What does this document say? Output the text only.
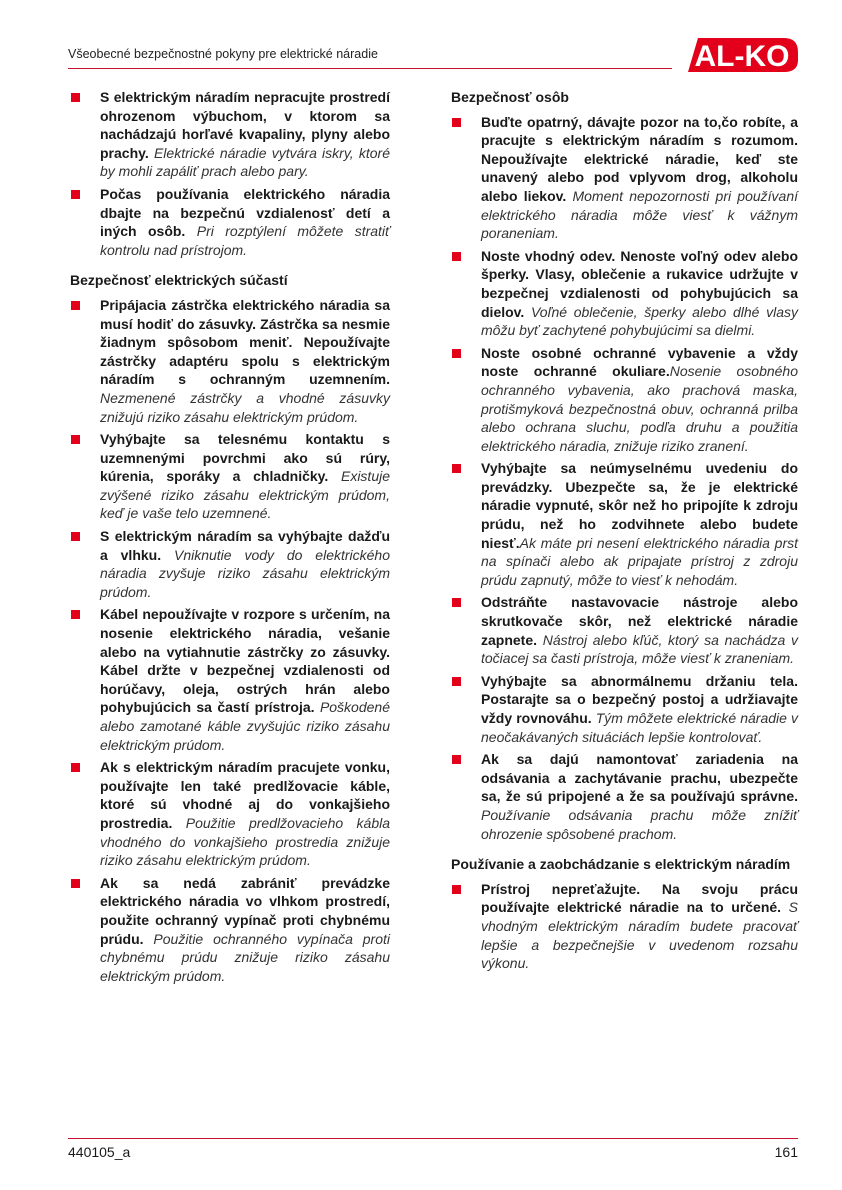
Všeobecné bezpečnostné pokyny pre elektrické náradie	AL-KO
S elektrickým náradím nepracujte prostredí ohrozenom výbuchom, v ktorom sa nachádzajú horľavé kvapaliny, plyny alebo prachy. Elektrické náradie vytvára iskry, ktoré by mohli zapáliť prach alebo pary.
Počas používania elektrického náradia dbajte na bezpečnú vzdialenosť detí a iných osôb. Pri rozptýlení môžete stratiť kontrolu nad prístrojom.
Bezpečnosť elektrických súčastí
Pripájacia zástrčka elektrického náradia sa musí hodiť do zásuvky. Zástrčka sa nesmie žiadnym spôsobom meniť. Nepoužívajte zástrčky adaptéru spolu s elektrickým náradím s ochranným uzemnením. Nezmenené zástrčky a vhodné zásuvky znižujú riziko zásahu elektrickým prúdom.
Vyhýbajte sa telesnému kontaktu s uzemnenými povrchmi ako sú rúry, kúrenia, sporáky a chladničky. Existuje zvýšené riziko zásahu elektrickým prúdom, keď je vaše telo uzemnené.
S elektrickým náradím sa vyhýbajte dažďu a vlhku. Vniknutie vody do elektrického náradia zvyšuje riziko zásahu elektrickým prúdom.
Kábel nepoužívajte v rozpore s určením, na nosenie elektrického náradia, vešanie alebo na vytiahnutie zástrčky zo zásuvky. Kábel držte v bezpečnej vzdialenosti od horúčavy, oleja, ostrých hrán alebo pohybujúcich sa častí prístroja. Poškodené alebo zamotané káble zvyšujúc riziko zásahu elektrickým prúdom.
Ak s elektrickým náradím pracujete vonku, používajte len také predlžovacie káble, ktoré sú vhodné aj do vonkajšieho prostredia. Použitie predlžovacieho kábla vhodného do vonkajšieho prostredia znižuje riziko zásahu elektrickým prúdom.
Ak sa nedá zabrániť prevádzke elektrického náradia vo vlhkom prostredí, použite ochranný vypínač proti chybnému prúdu. Použitie ochranného vypínača proti chybnému prúdu znižuje riziko zásahu elektrickým prúdom.
Bezpečnosť osôb
Buďte opatrný, dávajte pozor na to,čo robíte, a pracujte s elektrickým náradím s rozumom. Nepoužívajte elektrické náradie, keď ste unavený alebo pod vplyvom drog, alkoholu alebo liekov. Moment nepozornosti pri používaní elektrického náradia môže viesť k vážnym poraneniam.
Noste vhodný odev. Nenoste voľný odev alebo šperky. Vlasy, oblečenie a rukavice udržujte v bezpečnej vzdialenosti od pohybujúcich sa dielov. Voľné oblečenie, šperky alebo dlhé vlasy môžu byť zachytené pohybujúcimi sa dielmi.
Noste osobné ochranné vybavenie a vždy noste ochranné okuliare.Nosenie osobného ochranného vybavenia, ako prachová maska, protišmyková bezpečnostná obuv, ochranná prilba alebo ochrana sluchu, podľa druhu a použitia elektrického náradia, znižuje riziko zranení.
Vyhýbajte sa neúmyselnému uvedeniu do prevádzky. Ubezpečte sa, že je elektrické náradie vypnuté, skôr než ho pripojíte k zdroju prúdu, než ho zodvihnete alebo budete niesť.Ak máte pri nesení elektrického náradia prst na spínači alebo ak pripajate prístroj z zdroju prúdu zapnutý, môže to viesť k nehodám.
Odstráňte nastavovacie nástroje alebo skrutkovače skôr, než elektrické náradie zapnete. Nástroj alebo kľúč, ktorý sa nachádza v točiacej sa časti prístroja, môže viesť k zraneniam.
Vyhýbajte sa abnormálnemu držaniu tela. Postarajte sa o bezpečný postoj a udržiavajte vždy rovnováhu. Tým môžete elektrické náradie v neočakávaných situáciách lepšie kontrolovať.
Ak sa dajú namontovať zariadenia na odsávania a zachytávanie prachu, ubezpečte sa, že sú pripojené a že sa používajú správne. Používanie odsávania prachu môže znížiť ohrozenie spôsobené prachom.
Používanie a zaobchádzanie s elektrickým náradím
Prístroj nepreťažujte. Na svoju prácu používajte elektrické náradie na to určené. S vhodným elektrickým náradím budete pracovať lepšie a bezpečnejšie v uvedenom rozsahu výkonu.
440105_a	161
